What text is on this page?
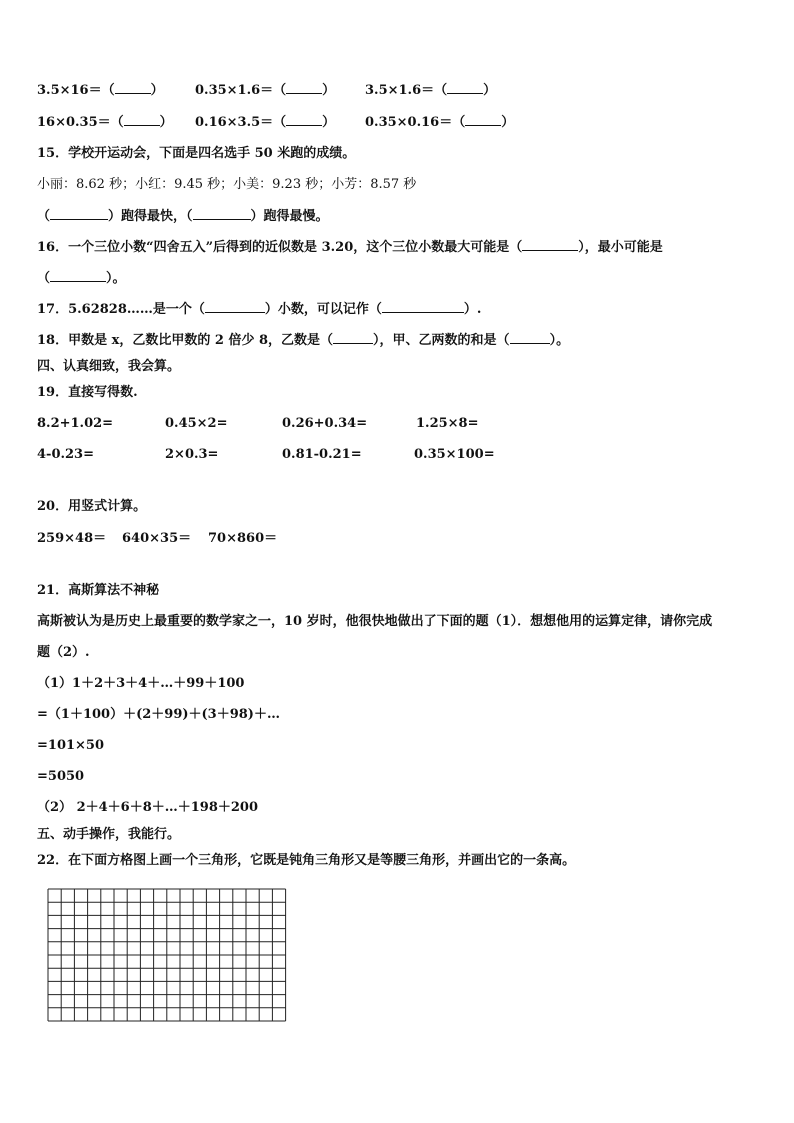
3.5×16＝（	） 0.35×1.6＝（	） 3.5×1.6＝（	）
16×0.35＝（	） 0.16×3.5＝（	） 0.35×0.16＝（	）
15．学校开运动会，下面是四名选手 50 米跑的成绩。
小丽：8.62 秒；小红：9.45 秒；小美：9.23 秒；小芳：8.57 秒
（	）跑得最快，（	）跑得最慢。
16．一个三位小数“四舍五入”后得到的近似数是 3.20，这个三位小数最大可能是（	），最小可能是
（	）。
17．5.62828……是一个（	）小数，可以记作（	）.
18．甲数是 x，乙数比甲数的 2 倍少 8，乙数是（	），甲、乙两数的和是（	）。
四、认真细致，我会算。
19．直接写得数.
8.2+1.02=	0.45×2=	0.26+0.34=	1.25×8=
4-0.23=	2×0.3=	0.81-0.21=	0.35×100=
20．用竖式计算。
259×48＝ 640×35＝ 70×860＝
21．高斯算法不神秘
高斯被认为是历史上最重要的数学家之一，10 岁时，他很快地做出了下面的题（1）．想想他用的运算定律，请你完成
题（2）.
（1）1＋2＋3＋4＋…＋99＋100
=（1＋100）＋(2＋99)＋(3＋98)＋…
=101×50
=5050
（2） 2＋4＋6＋8＋…＋198＋200
五、动手操作，我能行。
22．在下面方格图上画一个三角形，它既是钝角三角形又是等腰三角形，并画出它的一条高。
